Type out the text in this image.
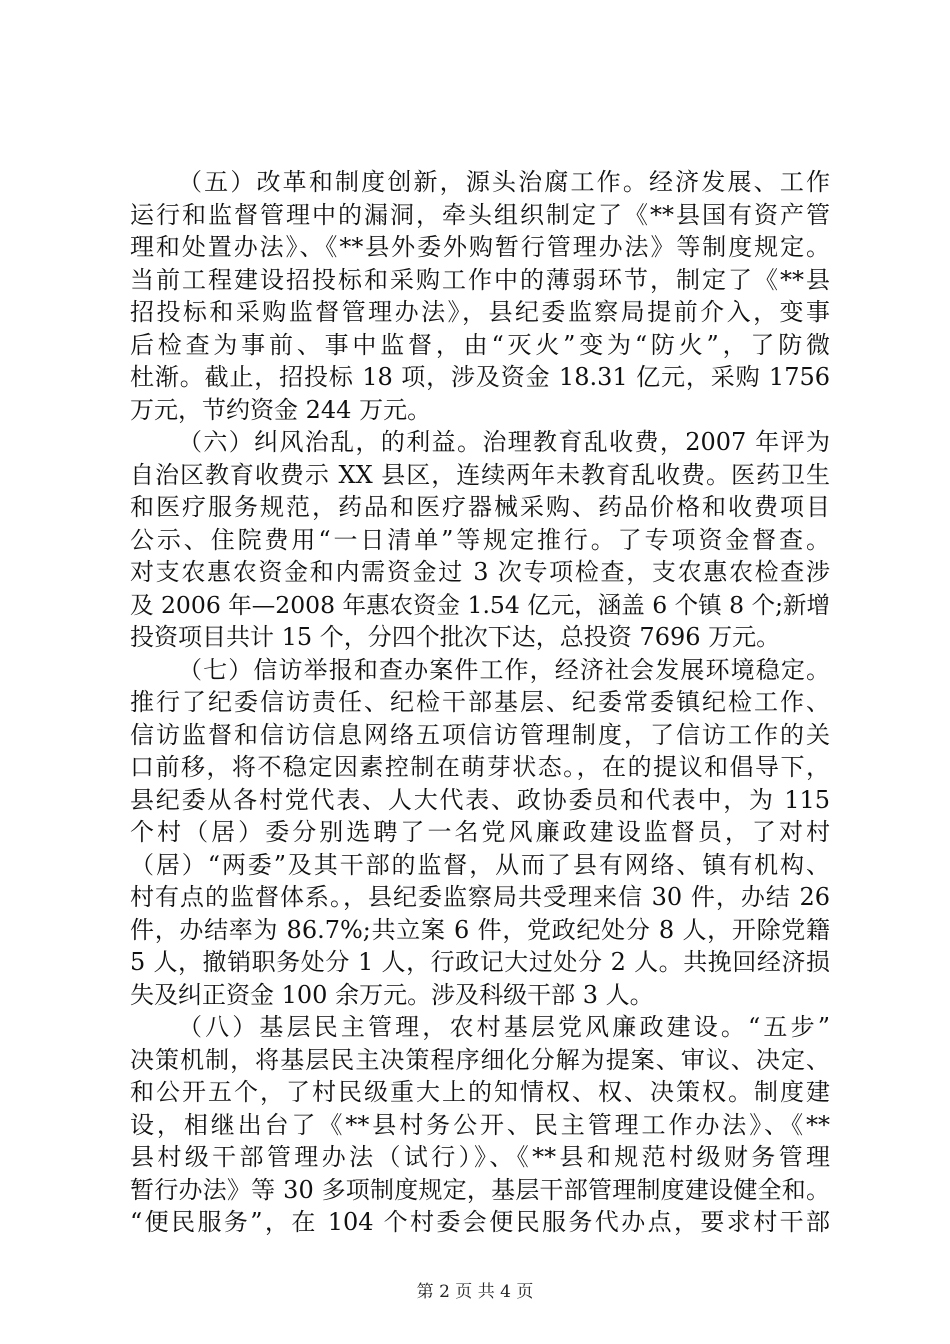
（五）改革和制度创新，源头治腐工作。经济发展、工作
运行和监督管理中的漏洞，牵头组织制定了《**县国有资产管
理和处置办法》、《**县外委外购暂行管理办法》等制度规定。
当前工程建设招投标和采购工作中的薄弱环节，制定了《**县
招投标和采购监督管理办法》，县纪委监察局提前介入，变事
后检查为事前、事中监督，由“灭火”变为“防火”，了防微
杜渐。截止，招投标 18 项，涉及资金 18.31 亿元，采购 1756
万元，节约资金 244 万元。
（六）纠风治乱，的利益。治理教育乱收费，2007 年评为
自治区教育收费示 XX 县区，连续两年未教育乱收费。医药卫生
和医疗服务规范，药品和医疗器械采购、药品价格和收费项目
公示、住院费用“一日清单”等规定推行。了专项资金督查。
对支农惠农资金和内需资金过 3 次专项检查，支农惠农检查涉
及 2006 年—2008 年惠农资金 1.54 亿元，涵盖 6 个镇 8 个;新增
投资项目共计 15 个，分四个批次下达，总投资 7696 万元。
（七）信访举报和查办案件工作，经济社会发展环境稳定。
推行了纪委信访责任、纪检干部基层、纪委常委镇纪检工作、
信访监督和信访信息网络五项信访管理制度，了信访工作的关
口前移，将不稳定因素控制在萌芽状态。，在的提议和倡导下，
县纪委从各村党代表、人大代表、政协委员和代表中，为 115
个村（居）委分别选聘了一名党风廉政建设监督员，了对村
（居）“两委”及其干部的监督，从而了县有网络、镇有机构、
村有点的监督体系。，县纪委监察局共受理来信 30 件，办结 26
件，办结率为 86.7%;共立案 6 件，党政纪处分 8 人，开除党籍
5 人，撤销职务处分 1 人，行政记大过处分 2 人。共挽回经济损
失及纠正资金 100 余万元。涉及科级干部 3 人。
（八）基层民主管理，农村基层党风廉政建设。“五步”
决策机制，将基层民主决策程序细化分解为提案、审议、决定、
和公开五个，了村民级重大上的知情权、权、决策权。制度建
设，相继出台了《**县村务公开、民主管理工作办法》、《**
县村级干部管理办法（试行）》、《**县和规范村级财务管理
暂行办法》等 30 多项制度规定，基层干部管理制度建设健全和。
“便民服务”，在 104 个村委会便民服务代办点，要求村干部
第 2 页 共 4 页
